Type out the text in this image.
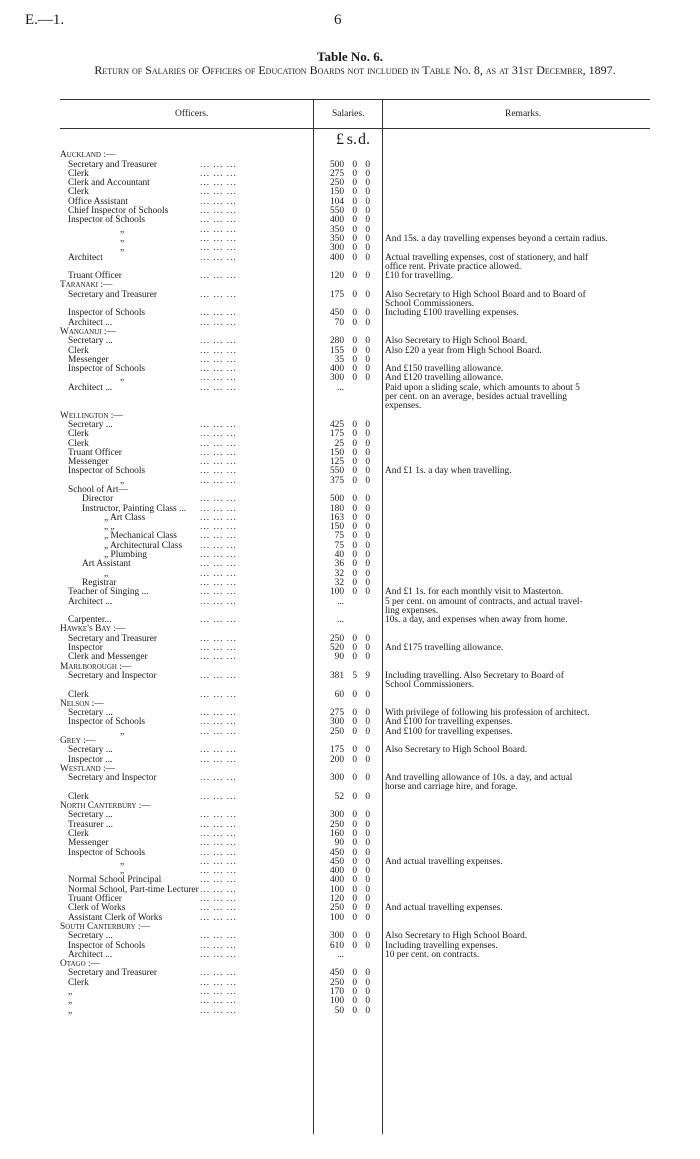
E.—1.	6
Table No. 6.
Return of Salaries of Officers of Education Boards not included in Table No. 8, as at 31st December, 1897.
Officers.	Salaries.	Remarks.
£ s.d.
Auckland :—
Secretary and Treasurer	... ... ...	500 0 0
Clerk	... ... ...	275 0 0
Clerk and Accountant	... ... ...	250 0 0
Clerk	... ... ...	150 0 0
Office Assistant	... ... ...	104 0 0
Chief Inspector of Schools	... ... ...	550 0 0
Inspector of Schools	... ... ...	400 0 0
„	... ... ...	350 0 0
„	... ... ...	350 0 0	And 15s. a day travelling expenses beyond a certain radius.
„	... ... ...	300 0 0
Architect	... ... ...	400 0 0	Actual travelling expenses, cost of stationery, and half
office rent. Private practice allowed.
Truant Officer	... ... ...	120 0 0	£10 for travelling.
Taranaki :—
Secretary and Treasurer	... ... ...	175 0 0	Also Secretary to High School Board and to Board of
School Commissioners.
Inspector of Schools	... ... ...	450 0 0	Including £100 travelling expenses.
Architect ...	... ... ...	70 0 0
Wanganui :—
Secretary ...	... ... ...	280 0 0	Also Secretary to High School Board.
Clerk	... ... ...	155 0 0	Also £20 a year from High School Board.
Messenger	... ... ...	35 0 0
Inspector of Schools	... ... ...	400 0 0	And £150 travelling allowance.
„	... ... ...	300 0 0	And £120 travelling allowance.
Architect ...	... ... ...	...	Paid upon a sliding scale, which amounts to about 5
per cent. on an average, besides actual travelling
expenses.
Wellington :—
Secretary ...	... ... ...	425 0 0
Clerk	... ... ...	175 0 0
Clerk	... ... ...	25 0 0
Truant Officer	... ... ...	150 0 0
Messenger	... ... ...	125 0 0
Inspector of Schools	... ... ...	550 0 0	And £1 1s. a day when travelling.
„	... ... ...	375 0 0
School of Art—
Director	... ... ...	500 0 0
Instructor, Painting Class ... ... ... ...	180 0 0
„ Art Class	... ... ...	163 0 0
„ „	... ... ...	150 0 0
„ Mechanical Class ... ... ...	75 0 0
„ Architectural Class ... ... ...	75 0 0
„ Plumbing	... ... ...	40 0 0
Art Assistant	... ... ...	36 0 0
„	... ... ...	32 0 0
Registrar	... ... ...	32 0 0
Teacher of Singing ...	... ... ...	100 0 0	And £1 1s. for each monthly visit to Masterton.
Architect ...	... ... ...	...	5 per cent. on amount of contracts, and actual travel-
ling expenses.
Carpenter...	... ... ...	...	10s. a day, and expenses when away from home.
Hawke's Bay :—
Secretary and Treasurer	... ... ...	250 0 0
Inspector	... ... ...	520 0 0	And £175 travelling allowance.
Clerk and Messenger	... ... ...	90 0 0
Marlborough :—
Secretary and Inspector	... ... ...	381 5 9	Including travelling. Also Secretary to Board of
School Commissioners.
Clerk	... ... ...	60 0 0
Nelson :—
Secretary ...	... ... ...	275 0 0	With privilege of following his profession of architect.
Inspector of Schools	... ... ...	300 0 0	And £100 for travelling expenses.
„	... ... ...	250 0 0	And £100 for travelling expenses.
Grey :—
Secretary ...	... ... ...	175 0 0	Also Secretary to High School Board.
Inspector ...	... ... ...	200 0 0
Westland :—
Secretary and Inspector	... ... ...	300 0 0	And travelling allowance of 10s. a day, and actual
horse and carriage hire, and forage.
Clerk	... ... ...	52 0 0
North Canterbury :—
Secretary ...	... ... ...	300 0 0
Treasurer ...	... ... ...	250 0 0
Clerk	... ... ...	160 0 0
Messenger	... ... ...	90 0 0
Inspector of Schools	... ... ...	450 0 0
„	... ... ...	450 0 0	And actual travelling expenses.
„	... ... ...	400 0 0
Normal School Principal	... ... ...	400 0 0
Normal School, Part-time Lecturer ... ... ...	100 0 0
Truant Officer	... ... ...	120 0 0
Clerk of Works	... ... ...	250 0 0	And actual travelling expenses.
Assistant Clerk of Works	... ... ...	100 0 0
South Canterbury :—
Secretary ...	... ... ...	300 0 0	Also Secretary to High School Board.
Inspector of Schools	... ... ...	610 0 0	Including travelling expenses.
Architect ...	... ... ...	...	10 per cent. on contracts.
Otago :—
Secretary and Treasurer	... ... ...	450 0 0
Clerk	... ... ...	250 0 0
„	... ... ...	170 0 0
„	... ... ...	100 0 0
„	... ... ...	50 0 0
